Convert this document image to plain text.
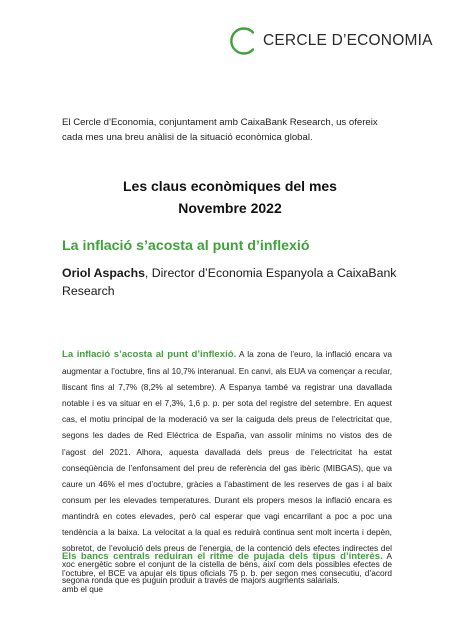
CERCLE D’ECONOMIA
El Cercle d’Economia, conjuntament amb CaixaBank Research, us ofereix cada mes una breu anàlisi de la situació econòmica global.
Les claus econòmiques del mes
Novembre 2022
La inflació s’acosta al punt d’inflexió
Oriol Aspachs, Director d’Economia Espanyola a CaixaBank Research
La inflació s’acosta al punt d’inflexió. A la zona de l’euro, la inflació encara va augmentar a l’octubre, fins al 10,7% interanual. En canvi, als EUA va començar a recular, lliscant fins al 7,7% (8,2% al setembre). A Espanya també va registrar una davallada notable i es va situar en el 7,3%, 1,6 p. p. per sota del registre del setembre. En aquest cas, el motiu principal de la moderació va ser la caiguda dels preus de l’electricitat que, segons les dades de Red Eléctrica de España, van assolir mínims no vistos des de l’agost del 2021. Alhora, aquesta davallada dels preus de l’electricitat ha estat conseqüència de l’enfonsament del preu de referència del gas ibèric (MIBGAS), que va caure un 46% el mes d’octubre, gràcies a l’abastiment de les reserves de gas i al baix consum per les elevades temperatures. Durant els propers mesos la inflació encara es mantindrà en cotes elevades, però cal esperar que vagi encarrilant a poc a poc una tendència a la baixa. La velocitat a la qual es reduirà continua sent molt incerta i depèn, sobretot, de l’evolució dels preus de l’energia, de la contenció dels efectes indirectes del xoc energètic sobre el conjunt de la cistella de béns, així com dels possibles efectes de segona ronda que es puguin produir a través de majors augments salarials.
Els bancs centrals reduiran el ritme de pujada dels tipus d’interès. A l’octubre, el BCE va apujar els tipus oficials 75 p. b. per segon mes consecutiu, d’acord amb el que
